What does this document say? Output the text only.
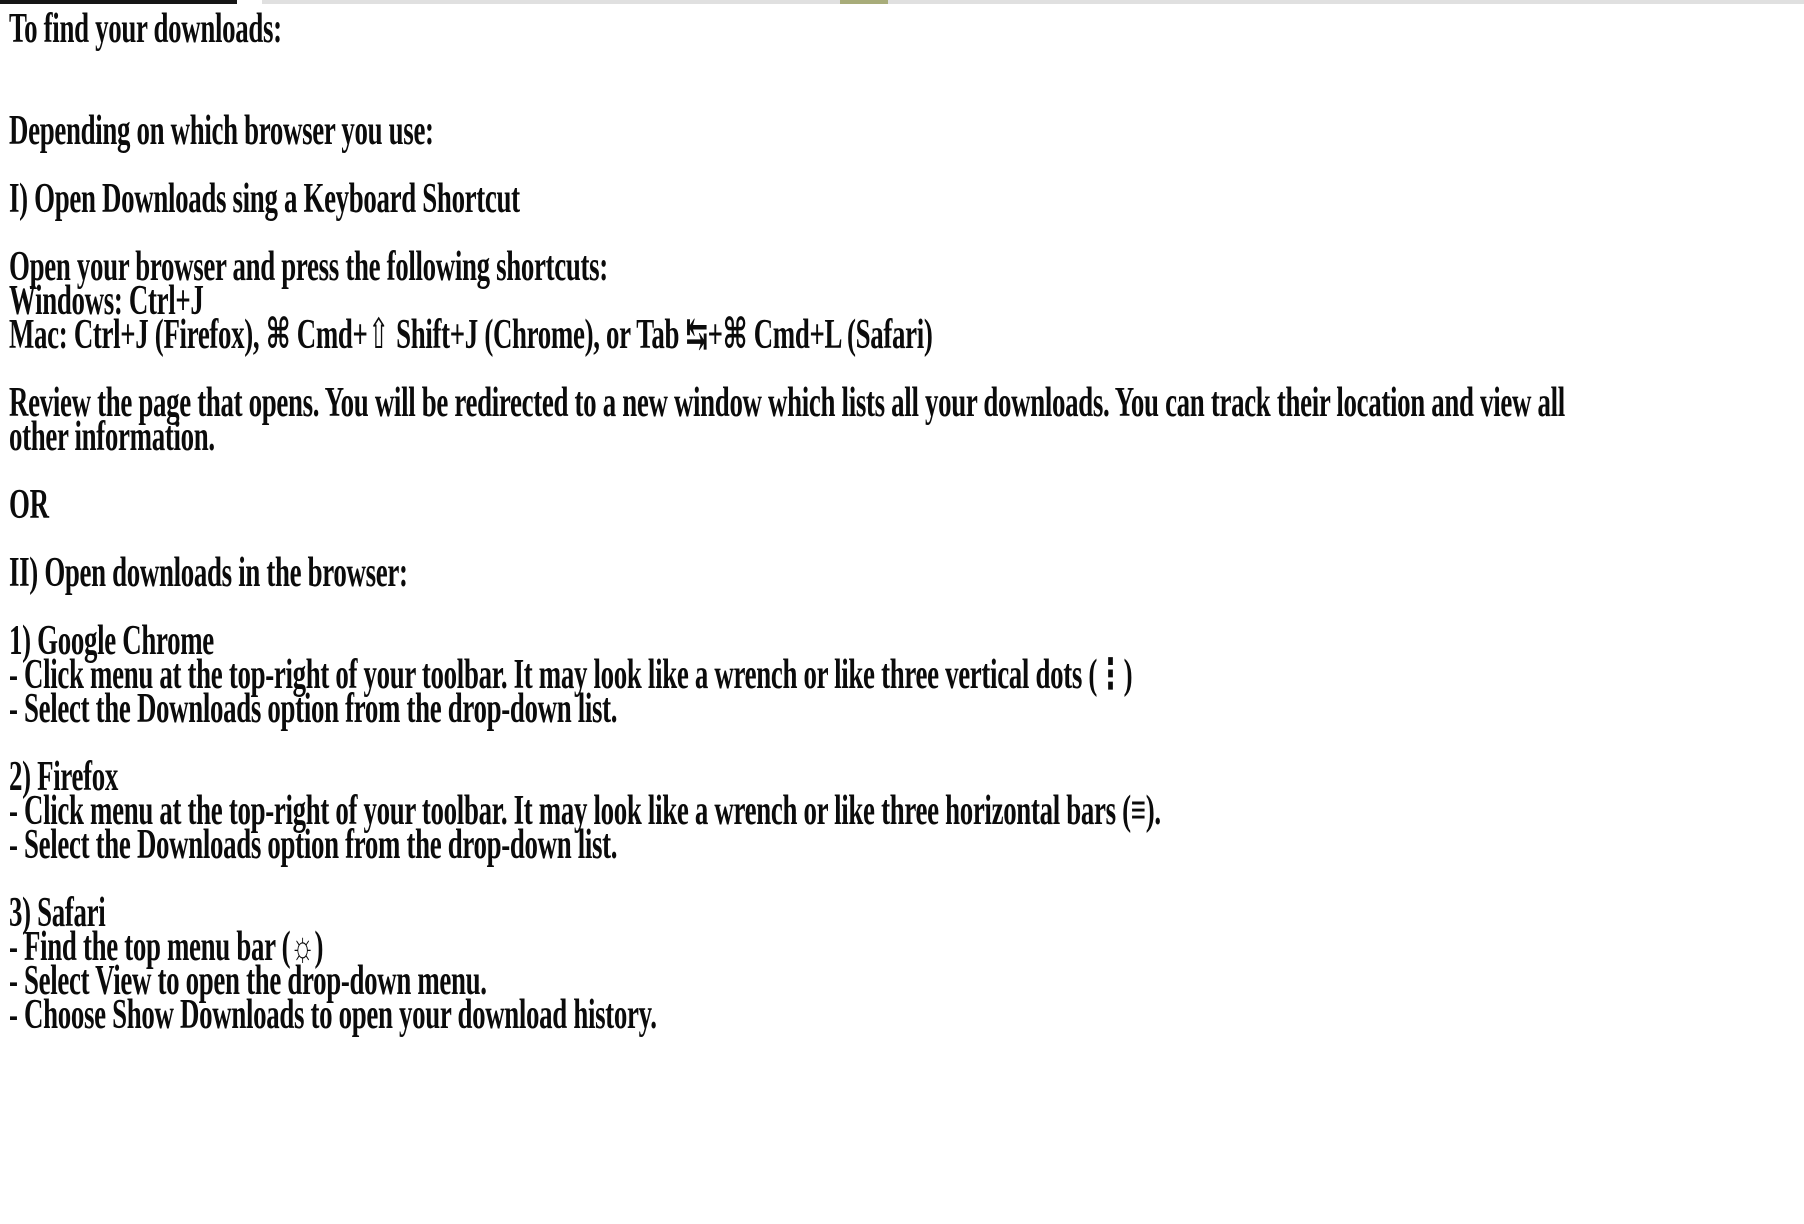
To find your downloads:
Depending on which browser you use:
I) Open Downloads sing a Keyboard Shortcut
Open your browser and press the following shortcuts:
Windows: Ctrl+J
Mac: Ctrl+J (Firefox), ⌘ Cmd+⇧ Shift+J (Chrome), or Tab ↹+⌘ Cmd+L (Safari)
Review the page that opens. You will be redirected to a new window which lists all your downloads. You can track their location and view all
other information.
OR
II) Open downloads in the browser:
1) Google Chrome
- Click menu at the top-right of your toolbar. It may look like a wrench or like three vertical dots (⋮)
- Select the Downloads option from the drop-down list.
2) Firefox
- Click menu at the top-right of your toolbar. It may look like a wrench or like three horizontal bars (≡).
- Select the Downloads option from the drop-down list.
3) Safari
- Find the top menu bar (☼)
- Select View to open the drop-down menu.
- Choose Show Downloads to open your download history.
